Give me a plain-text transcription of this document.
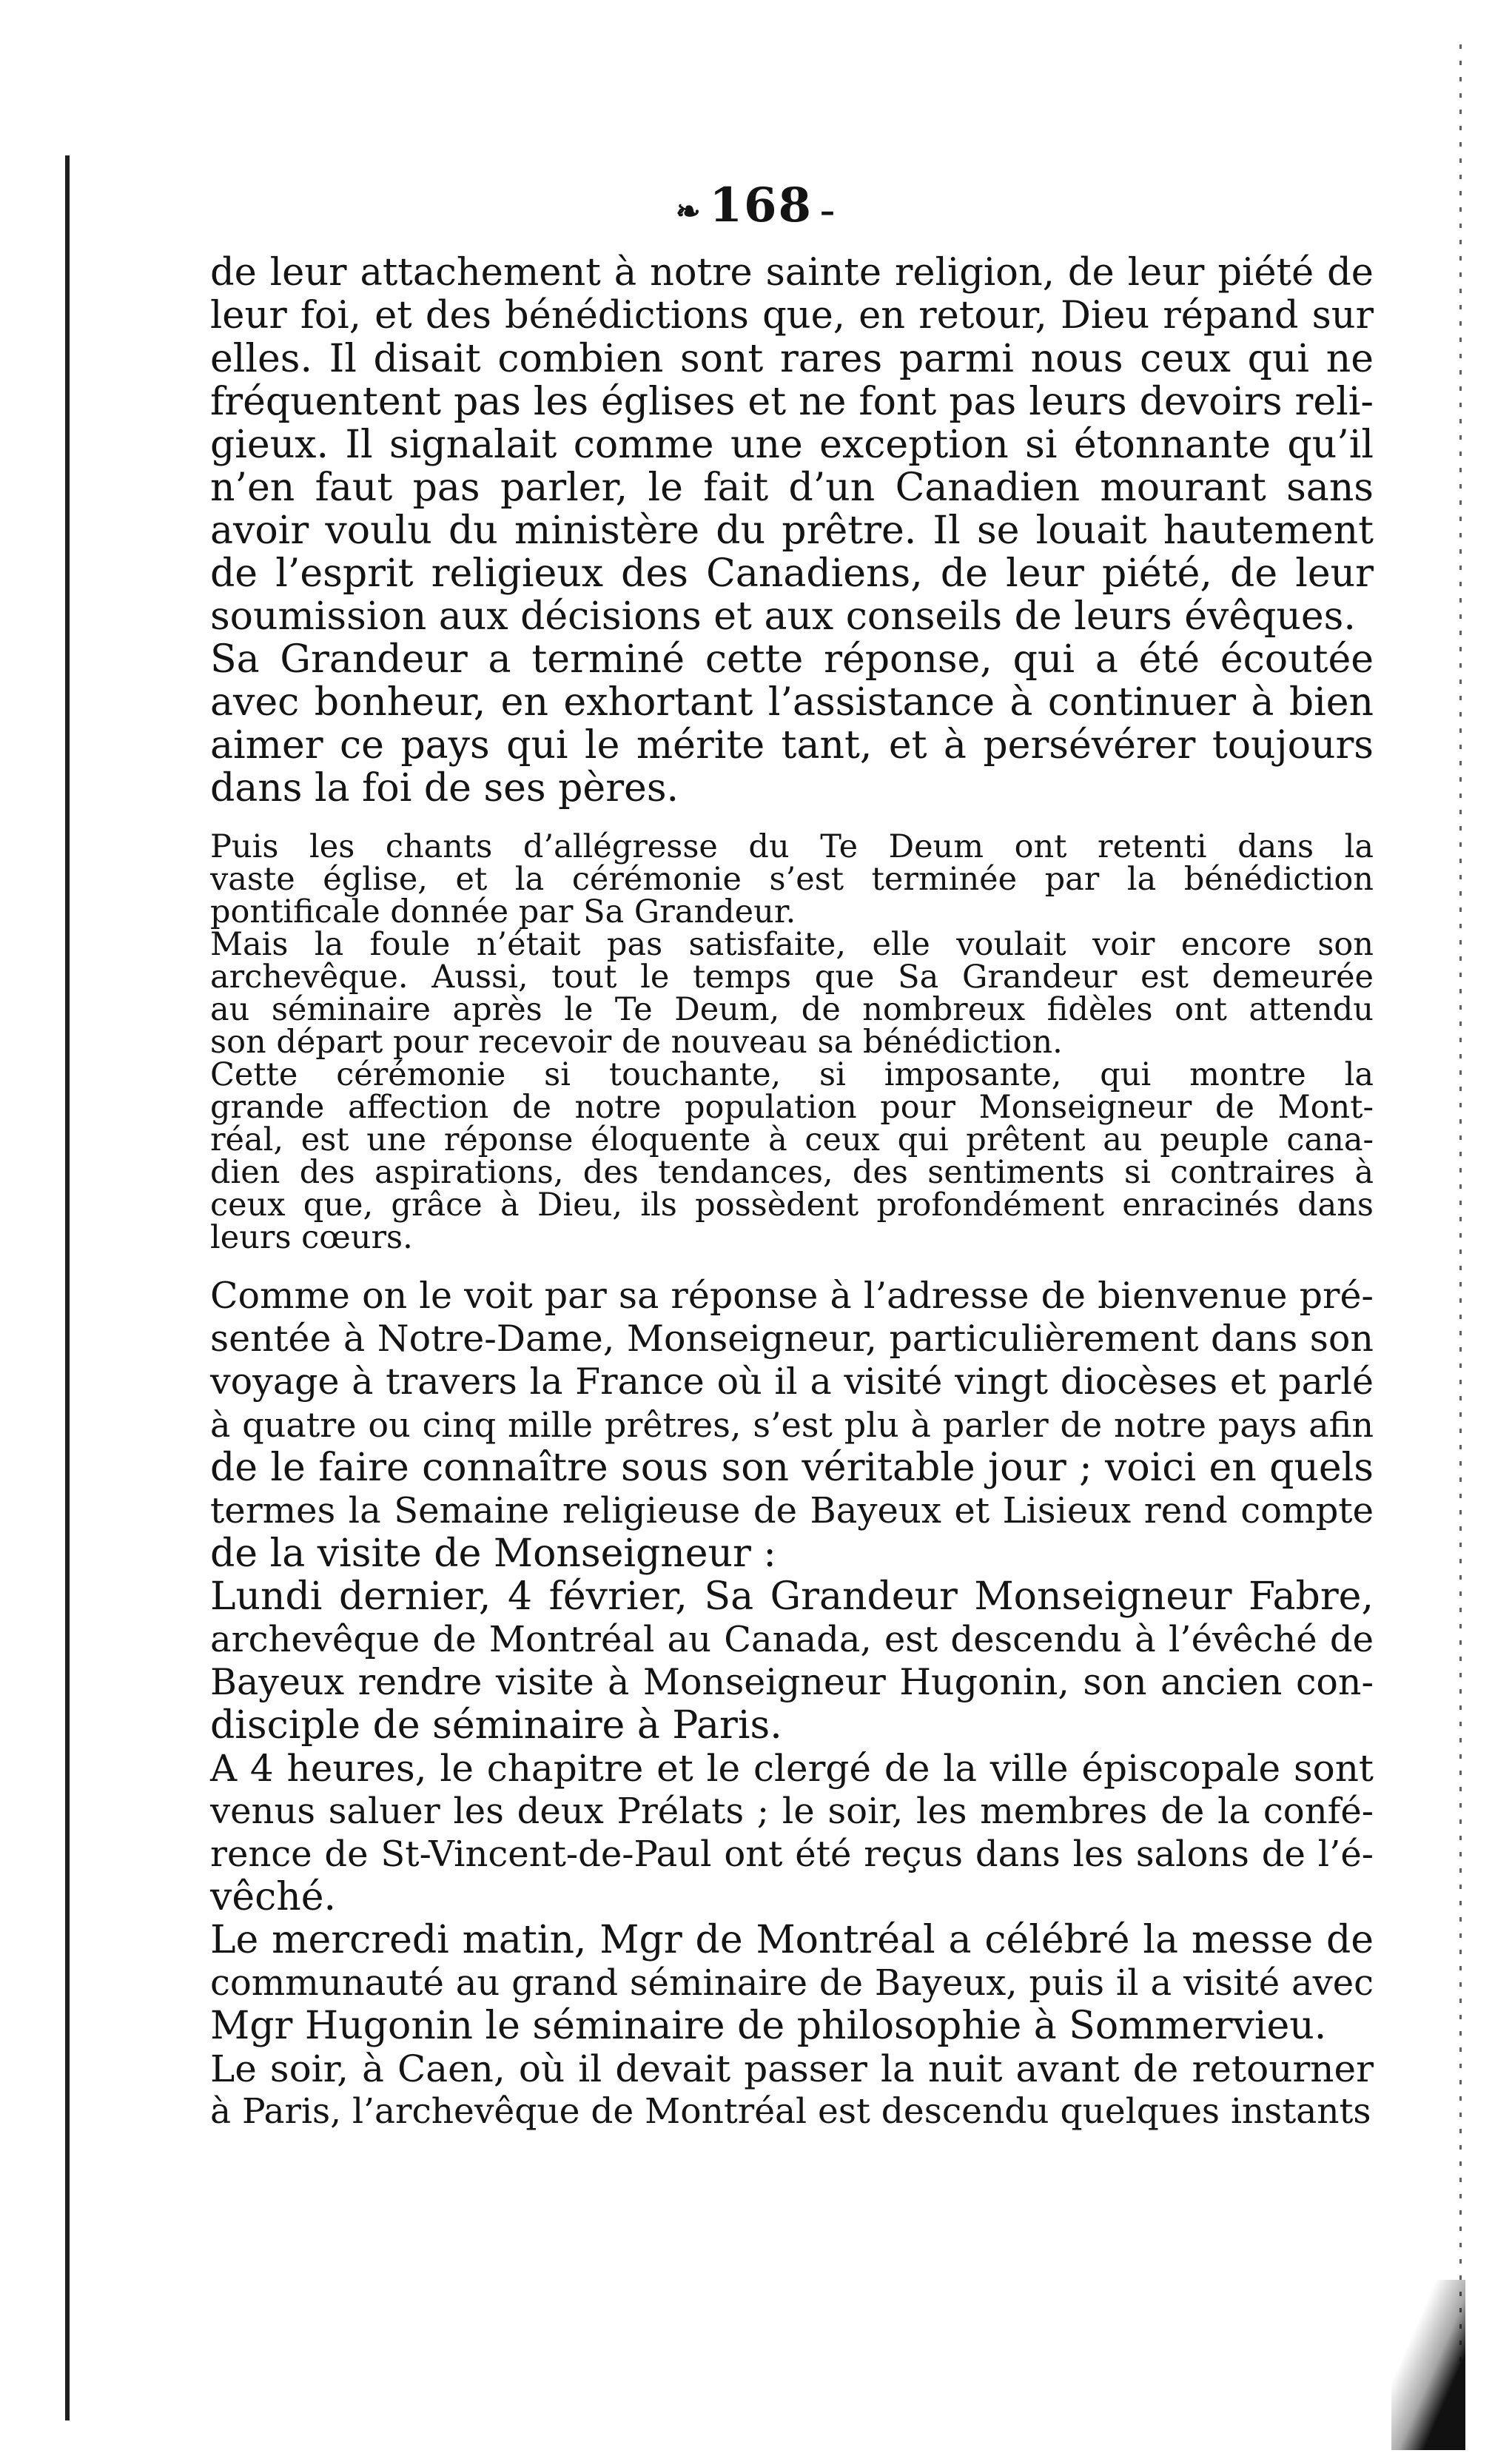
❧ 168 –
de leur attachement à notre sainte religion, de leur piété de
leur foi, et des bénédictions que, en retour, Dieu répand sur
elles. Il disait combien sont rares parmi nous ceux qui ne
fréquentent pas les églises et ne font pas leurs devoirs reli-
gieux. Il signalait comme une exception si étonnante qu’il
n’en faut pas parler, le fait d’un Canadien mourant sans
avoir voulu du ministère du prêtre. Il se louait hautement
de l’esprit religieux des Canadiens, de leur piété, de leur
soumission aux décisions et aux conseils de leurs évêques.
Sa Grandeur a terminé cette réponse, qui a été écoutée
avec bonheur, en exhortant l’assistance à continuer à bien
aimer ce pays qui le mérite tant, et à persévérer toujours
dans la foi de ses pères.
Puis les chants d’allégresse du Te Deum ont retenti dans la
vaste église, et la cérémonie s’est terminée par la bénédiction
pontificale donnée par Sa Grandeur.
Mais la foule n’était pas satisfaite, elle voulait voir encore son
archevêque. Aussi, tout le temps que Sa Grandeur est demeurée
au séminaire après le Te Deum, de nombreux fidèles ont attendu
son départ pour recevoir de nouveau sa bénédiction.
Cette cérémonie si touchante, si imposante, qui montre la
grande affection de notre population pour Monseigneur de Mont-
réal, est une réponse éloquente à ceux qui prêtent au peuple cana-
dien des aspirations, des tendances, des sentiments si contraires à
ceux que, grâce à Dieu, ils possèdent profondément enracinés dans
leurs cœurs.
Comme on le voit par sa réponse à l’adresse de bienvenue pré-
sentée à Notre-Dame, Monseigneur, particulièrement dans son
voyage à travers la France où il a visité vingt diocèses et parlé
à quatre ou cinq mille prêtres, s’est plu à parler de notre pays afin
de le faire connaître sous son véritable jour ; voici en quels
termes la Semaine religieuse de Bayeux et Lisieux rend compte
de la visite de Monseigneur :
Lundi dernier, 4 février, Sa Grandeur Monseigneur Fabre,
archevêque de Montréal au Canada, est descendu à l’évêché de
Bayeux rendre visite à Monseigneur Hugonin, son ancien con-
disciple de séminaire à Paris.
A 4 heures, le chapitre et le clergé de la ville épiscopale sont
venus saluer les deux Prélats ; le soir, les membres de la confé-
rence de St-Vincent-de-Paul ont été reçus dans les salons de l’é-
vêché.
Le mercredi matin, Mgr de Montréal a célébré la messe de
communauté au grand séminaire de Bayeux, puis il a visité avec
Mgr Hugonin le séminaire de philosophie à Sommervieu.
Le soir, à Caen, où il devait passer la nuit avant de retourner
à Paris, l’archevêque de Montréal est descendu quelques instants
